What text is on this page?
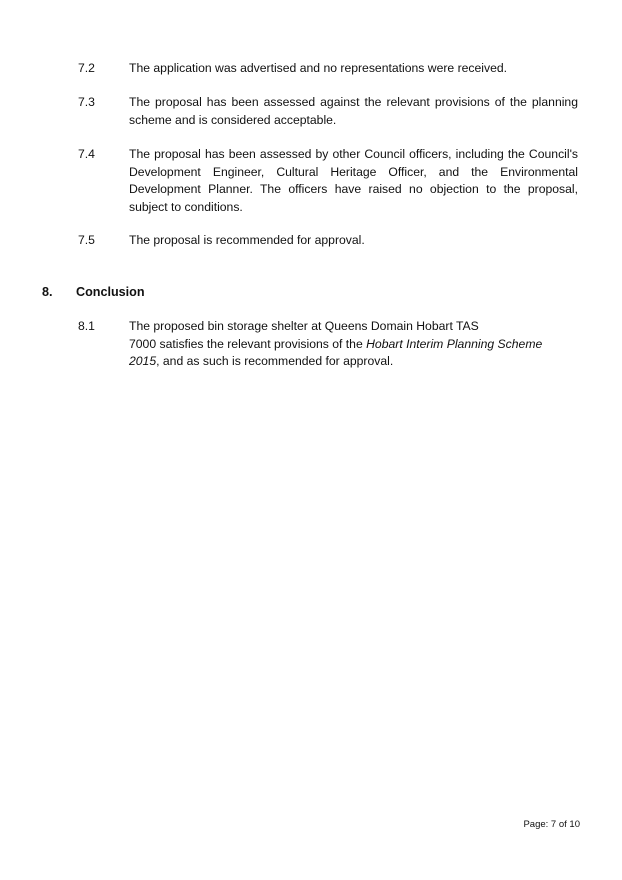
7.2	The application was advertised and no representations were received.
7.3	The proposal has been assessed against the relevant provisions of the planning scheme and is considered acceptable.
7.4	The proposal has been assessed by other Council officers, including the Council's Development Engineer, Cultural Heritage Officer, and the Environmental Development Planner. The officers have raised no objection to the proposal, subject to conditions.
7.5	The proposal is recommended for approval.
8.	Conclusion
8.1	The proposed bin storage shelter at Queens Domain Hobart TAS
7000 satisfies the relevant provisions of the Hobart Interim Planning Scheme
2015, and as such is recommended for approval.
Page: 7 of 10
